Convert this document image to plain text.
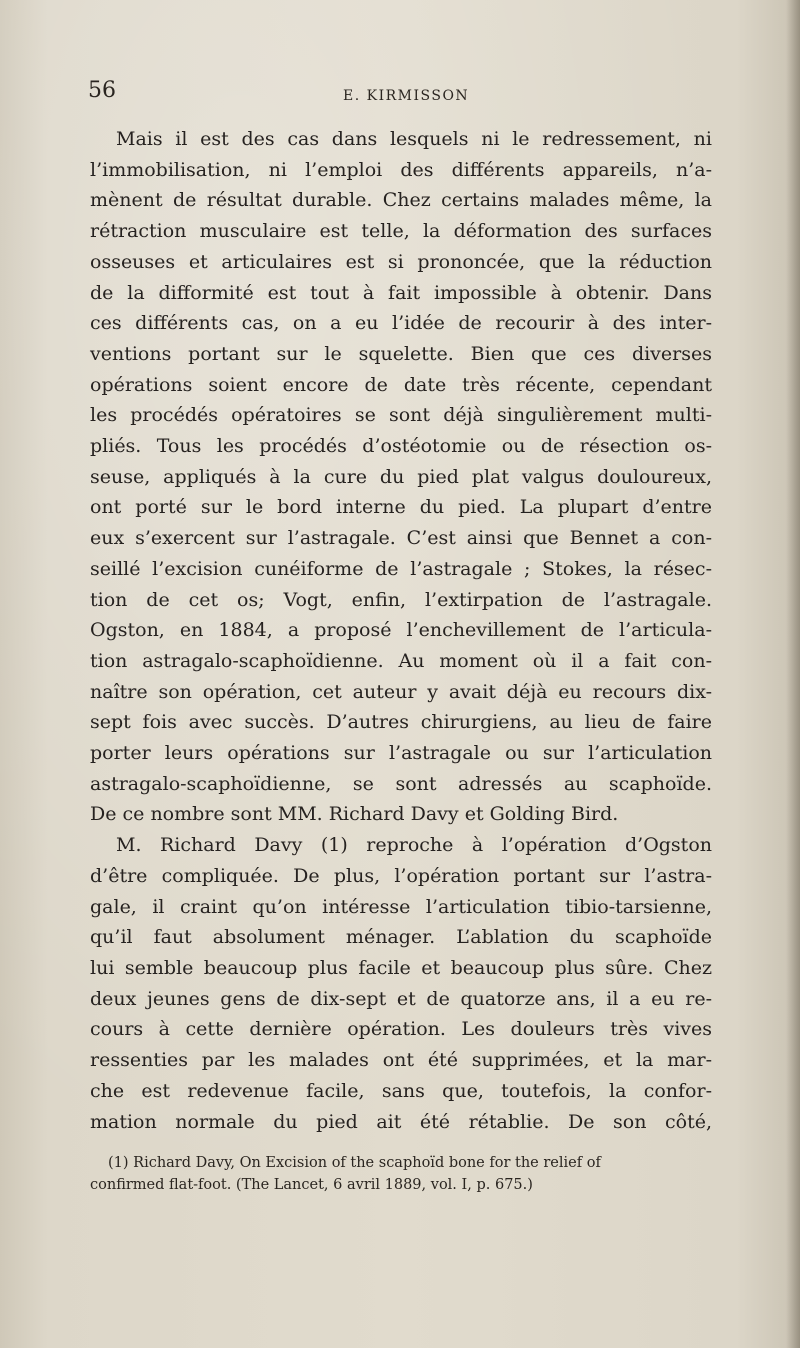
56	E. KIRMISSON
Mais il est des cas dans lesquels ni le redressement, ni
l’immobilisation, ni l’emploi des différents appareils, n’a-
mènent de résultat durable. Chez certains malades même, la
rétraction musculaire est telle, la déformation des surfaces
osseuses et articulaires est si prononcée, que la réduction
de la difformité est tout à fait impossible à obtenir. Dans
ces différents cas, on a eu l’idée de recourir à des inter-
ventions portant sur le squelette. Bien que ces diverses
opérations soient encore de date très récente, cependant
les procédés opératoires se sont déjà singulièrement multi-
pliés. Tous les procédés d’ostéotomie ou de résection os-
seuse, appliqués à la cure du pied plat valgus douloureux,
ont porté sur le bord interne du pied. La plupart d’entre
eux s’exercent sur l’astragale. C’est ainsi que Bennet a con-
seillé l’excision cunéiforme de l’astragale ; Stokes, la résec-
tion de cet os; Vogt, enfin, l’extirpation de l’astragale.
Ogston, en 1884, a proposé l’enchevillement de l’articula-
tion astragalo-scaphoïdienne. Au moment où il a fait con-
naître son opération, cet auteur y avait déjà eu recours dix-
sept fois avec succès. D’autres chirurgiens, au lieu de faire
porter leurs opérations sur l’astragale ou sur l’articulation
astragalo-scaphoïdienne, se sont adressés au scaphoïde.
De ce nombre sont MM. Richard Davy et Golding Bird.
M. Richard Davy (1) reproche à l’opération d’Ogston
d’être compliquée. De plus, l’opération portant sur l’astra-
gale, il craint qu’on intéresse l’articulation tibio-tarsienne,
qu’il faut absolument ménager. L’ablation du scaphoïde
lui semble beaucoup plus facile et beaucoup plus sûre. Chez
deux jeunes gens de dix-sept et de quatorze ans, il a eu re-
cours à cette dernière opération. Les douleurs très vives
ressenties par les malades ont été supprimées, et la mar-
che est redevenue facile, sans que, toutefois, la confor-
mation normale du pied ait été rétablie. De son côté,
(1) Richard Davy, On Excision of the scaphoïd bone for the relief of
confirmed flat-foot. (The Lancet, 6 avril 1889, vol. I, p. 675.)
